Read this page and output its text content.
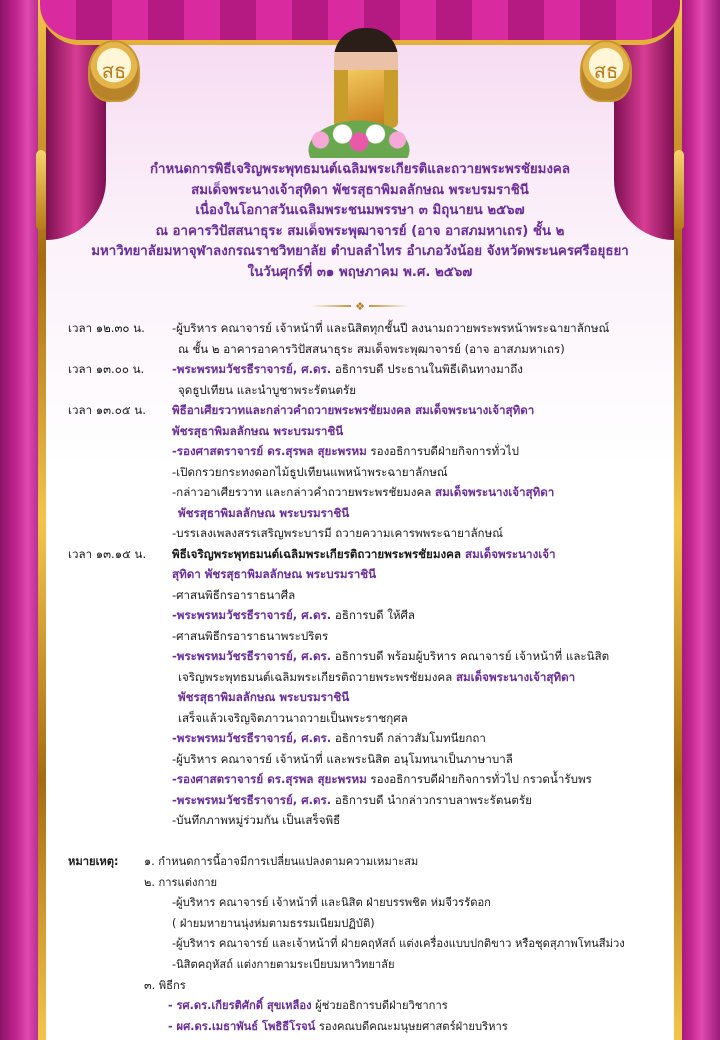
สธ	สธ
กำหนดการพิธีเจริญพระพุทธมนต์เฉลิมพระเกียรติและถวายพระพรชัยมงคล
สมเด็จพระนางเจ้าสุทิดา พัชรสุธาพิมลลักษณ พระบรมราชินี
เนื่องในโอกาสวันเฉลิมพระชนมพรรษา ๓ มิถุนายน ๒๕๖๗
ณ อาคารวิปัสสนาธุระ สมเด็จพระพุฒาจารย์ (อาจ อาสภมหาเถร) ชั้น ๒
มหาวิทยาลัยมหาจุฬาลงกรณราชวิทยาลัย ตำบลลำไทร อำเภอวังน้อย จังหวัดพระนครศรีอยุธยา
ในวันศุกร์ที่ ๓๑ พฤษภาคม พ.ศ. ๒๕๖๗
❖
เวลา ๑๒.๓๐ น.	-ผู้บริหาร คณาจารย์ เจ้าหน้าที่ และนิสิตทุกชั้นปี ลงนามถวายพระพรหน้าพระฉายาลักษณ์
ณ ชั้น ๒ อาคารอาคารวิปัสสนาธุระ สมเด็จพระพุฒาจารย์ (อาจ อาสภมหาเถร)
เวลา ๑๓.๐๐ น.	-พระพรหมวัชรธีราจารย์, ศ.ดร. อธิการบดี ประธานในพิธีเดินทางมาถึง
จุดธูปเทียน และนำบูชาพระรัตนตรัย
เวลา ๑๓.๐๕ น.	พิธีอาเศียรวาทและกล่าวคำถวายพระพรชัยมงคล สมเด็จพระนางเจ้าสุทิดา
พัชรสุธาพิมลลักษณ พระบรมราชินี
-รองศาสตราจารย์ ดร.สุรพล สุยะพรหม รองอธิการบดีฝ่ายกิจการทั่วไป
-เปิดกรวยกระทงดอกไม้ธูปเทียนแพหน้าพระฉายาลักษณ์
-กล่าวอาเศียรวาท และกล่าวคำถวายพระพรชัยมงคล สมเด็จพระนางเจ้าสุทิดา
พัชรสุธาพิมลลักษณ พระบรมราชินี
-บรรเลงเพลงสรรเสริญพระบารมี ถวายความเคารพพระฉายาลักษณ์
เวลา ๑๓.๑๕ น.	พิธีเจริญพระพุทธมนต์เฉลิมพระเกียรติถวายพระพรชัยมงคล สมเด็จพระนางเจ้า
สุทิดา พัชรสุธาพิมลลักษณ พระบรมราชินี
-ศาสนพิธีกรอาราธนาศีล
-พระพรหมวัชรธีราจารย์, ศ.ดร. อธิการบดี ให้ศีล
-ศาสนพิธีกรอาราธนาพระปริตร
-พระพรหมวัชรธีราจารย์, ศ.ดร. อธิการบดี พร้อมผู้บริหาร คณาจารย์ เจ้าหน้าที่ และนิสิต
เจริญพระพุทธมนต์เฉลิมพระเกียรติถวายพระพรชัยมงคล สมเด็จพระนางเจ้าสุทิดา
พัชรสุธาพิมลลักษณ พระบรมราชินี
เสร็จแล้วเจริญจิตภาวนาถวายเป็นพระราชกุศล
-พระพรหมวัชรธีราจารย์, ศ.ดร. อธิการบดี กล่าวสัมโมทนียกถา
-ผู้บริหาร คณาจารย์ เจ้าหน้าที่ และพระนิสิต อนุโมทนาเป็นภาษาบาลี
-รองศาสตราจารย์ ดร.สุรพล สุยะพรหม รองอธิการบดีฝ่ายกิจการทั่วไป กรวดน้ำรับพร
-พระพรหมวัชรธีราจารย์, ศ.ดร. อธิการบดี นำกล่าวกราบลาพระรัตนตรัย
-บันทึกภาพหมู่ร่วมกัน เป็นเสร็จพิธี
หมายเหตุ: ๑. กำหนดการนี้อาจมีการเปลี่ยนแปลงตามความเหมาะสม
๒. การแต่งกาย
-ผู้บริหาร คณาจารย์ เจ้าหน้าที่ และนิสิต ฝ่ายบรรพชิต ห่มจีวรรัดอก
( ฝ่ายมหายานนุ่งห่มตามธรรมเนียมปฏิบัติ)
-ผู้บริหาร คณาจารย์ และเจ้าหน้าที่ ฝ่ายคฤหัสถ์ แต่งเครื่องแบบปกติขาว หรือชุดสุภาพโทนสีม่วง
-นิสิตคฤหัสถ์ แต่งกายตามระเบียบมหาวิทยาลัย
๓. พิธีกร
- รศ.ดร.เกียรติศักดิ์ สุขเหลือง ผู้ช่วยอธิการบดีฝ่ายวิชาการ
- ผศ.ดร.เมธาพันธ์ โพธิธีโรจน์ รองคณบดีคณะมนุษยศาสตร์ฝ่ายบริหาร
